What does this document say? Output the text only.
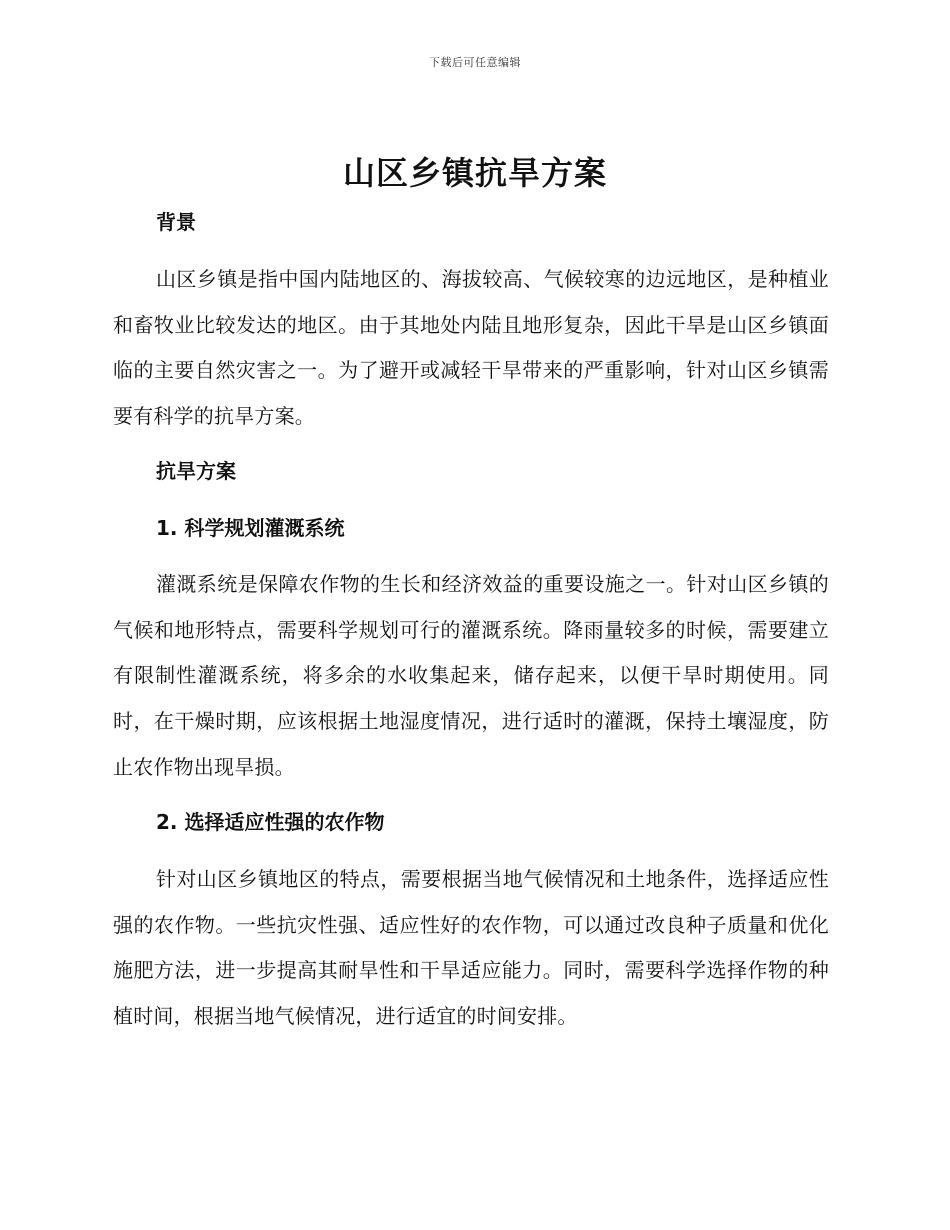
下载后可任意编辑
山区乡镇抗旱方案
背景
山区乡镇是指中国内陆地区的、海拔较高、气候较寒的边远地区，是种植业和畜牧业比较发达的地区。由于其地处内陆且地形复杂，因此干旱是山区乡镇面临的主要自然灾害之一。为了避开或减轻干旱带来的严重影响，针对山区乡镇需要有科学的抗旱方案。
抗旱方案
1. 科学规划灌溉系统
灌溉系统是保障农作物的生长和经济效益的重要设施之一。针对山区乡镇的气候和地形特点，需要科学规划可行的灌溉系统。降雨量较多的时候，需要建立有限制性灌溉系统，将多余的水收集起来，储存起来，以便干旱时期使用。同时，在干燥时期，应该根据土地湿度情况，进行适时的灌溉，保持土壤湿度，防止农作物出现旱损。
2. 选择适应性强的农作物
针对山区乡镇地区的特点，需要根据当地气候情况和土地条件，选择适应性强的农作物。一些抗灾性强、适应性好的农作物，可以通过改良种子质量和优化施肥方法，进一步提高其耐旱性和干旱适应能力。同时，需要科学选择作物的种植时间，根据当地气候情况，进行适宜的时间安排。
